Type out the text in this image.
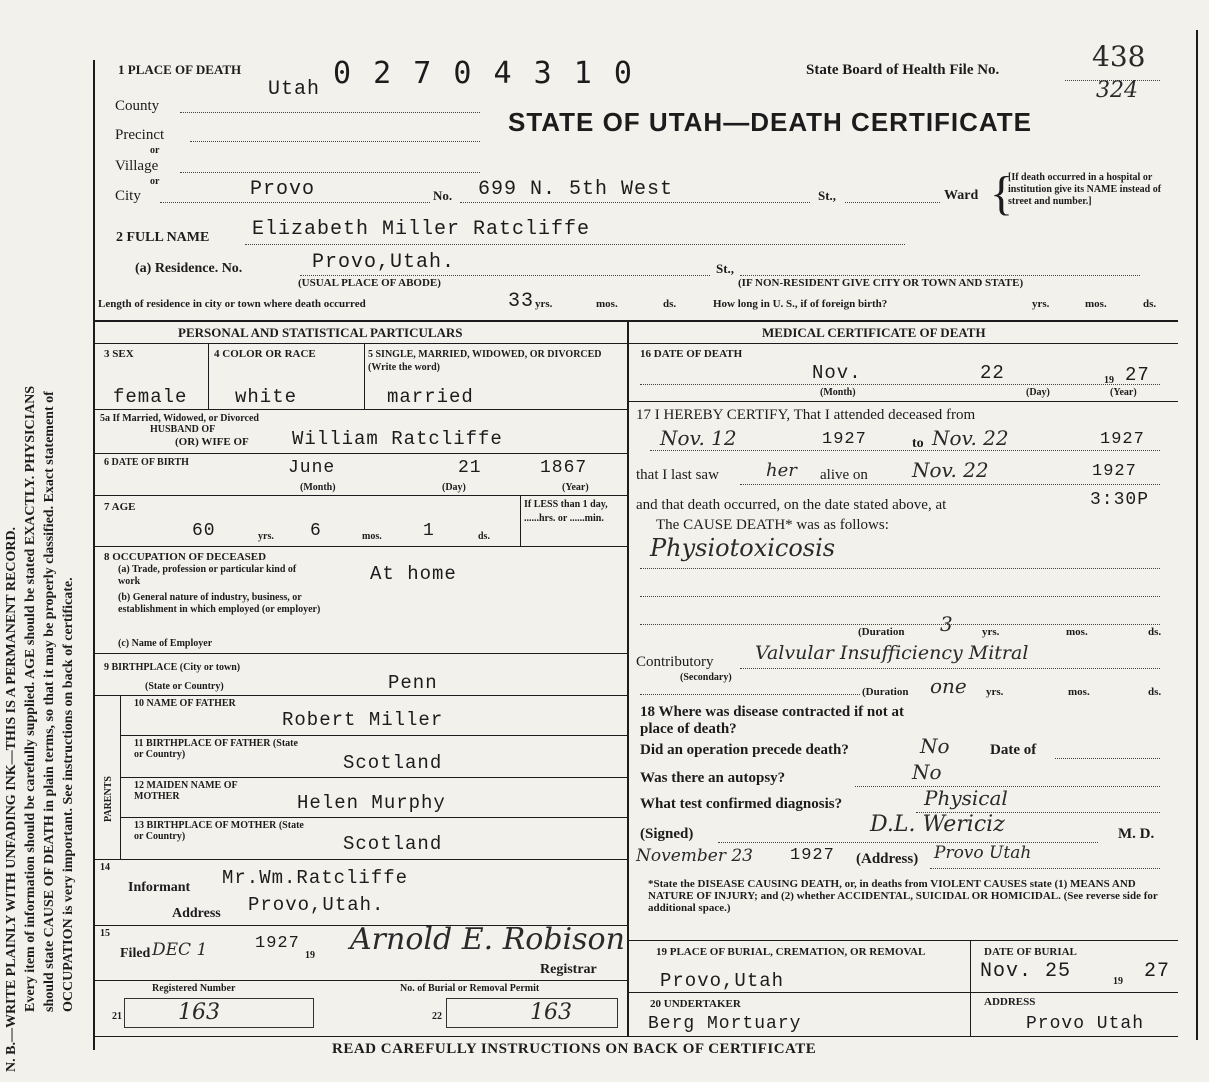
N. B.—WRITE PLAINLY WITH UNFADING INK—THIS IS A PERMANENT RECORD. Every item of information should be carefully supplied. AGE should be stated EXACTLY. PHYSICIANS should state CAUSE OF DEATH in plain terms, so that it may be properly classified. Exact statement of OCCUPATION is very important. See instructions on back of certificate.
1 PLACE OF DEATH
Utah 0 2 7 0 4 3 1 0	State Board of Health File No.	438
324
County
STATE OF UTAH—DEATH CERTIFICATE
Precinct
or
Village
or
City	Provo	No. 699 N. 5th West	St.,	Ward {
[If death occurred in a hospital or institution give its NAME instead of street and number.]
2 FULL NAME Elizabeth Miller Ratcliffe
(a) Residence. No.	Provo,Utah.	St.,
(USUAL PLACE OF ABODE)	(IF NON-RESIDENT GIVE CITY OR TOWN AND STATE)
Length of residence in city or town where death occurred	33 yrs.	mos.	ds.	How long in U. S., if of foreign birth?	yrs.	mos.	ds.
PERSONAL AND STATISTICAL PARTICULARS
3 SEX
female
4 COLOR OR RACE
white
5 SINGLE, MARRIED, WIDOWED, OR DIVORCED (Write the word)
married
5a If Married, Widowed, or Divorced
HUSBAND OF
(OR) WIFE OF William Ratcliffe
6 DATE OF BIRTH	June	21	1867
(Month)	(Day)	(Year)
7 AGE
60	yrs. 6	mos. 1	ds.
If LESS than 1 day, ......hrs. or ......min.
8 OCCUPATION OF DECEASED
(a) Trade, profession or particular kind of work	At home
(b) General nature of industry, business, or establishment in which employed (or employer)
(c) Name of Employer
9 BIRTHPLACE (City or town)
(State or Country)	Penn
PARENTS
10 NAME OF FATHER
Robert Miller
11 BIRTHPLACE OF FATHER (State or Country)	Scotland
12 MAIDEN NAME OF MOTHER	Helen Murphy
13 BIRTHPLACE OF MOTHER (State or Country)	Scotland
14
Informant Mr.Wm.Ratcliffe
Address Provo,Utah.
15
Filed DEC 1	1927
19 Arnold E. Robison
Registrar
Registered Number
21	163
No. of Burial or Removal Permit
22	163
MEDICAL CERTIFICATE OF DEATH
16 DATE OF DEATH
Nov.	22	19 27
(Month)	(Day)	(Year)
17 I HEREBY CERTIFY, That I attended deceased from
Nov. 12	1927	to Nov. 22	1927
that I last saw	her alive on Nov. 22	1927
and that death occurred, on the date stated above, at	3:30P
The CAUSE DEATH* was as follows:
Physiotoxicosis
(Duration 3	yrs.	mos.	ds.
Contributory
(Secondary)
Valvular Insufficiency Mitral
(Duration one yrs.	mos.	ds.
18 Where was disease contracted if not at place of death?
Did an operation precede death?	No	Date of
Was there an autopsy?	No
What test confirmed diagnosis?	Physical
(Signed)	D.L. Wericiz	M. D.
November 23 1927 (Address) Provo Utah
*State the DISEASE CAUSING DEATH, or, in deaths from VIOLENT CAUSES state (1) MEANS AND NATURE OF INJURY; and (2) whether ACCIDENTAL, SUICIDAL OR HOMICIDAL. (See reverse side for additional space.)
19 PLACE OF BURIAL, CREMATION, OR REMOVAL
Provo,Utah
DATE OF BURIAL
Nov. 25	19 27
20 UNDERTAKER
Berg Mortuary
ADDRESS
Provo Utah
READ CAREFULLY INSTRUCTIONS ON BACK OF CERTIFICATE
